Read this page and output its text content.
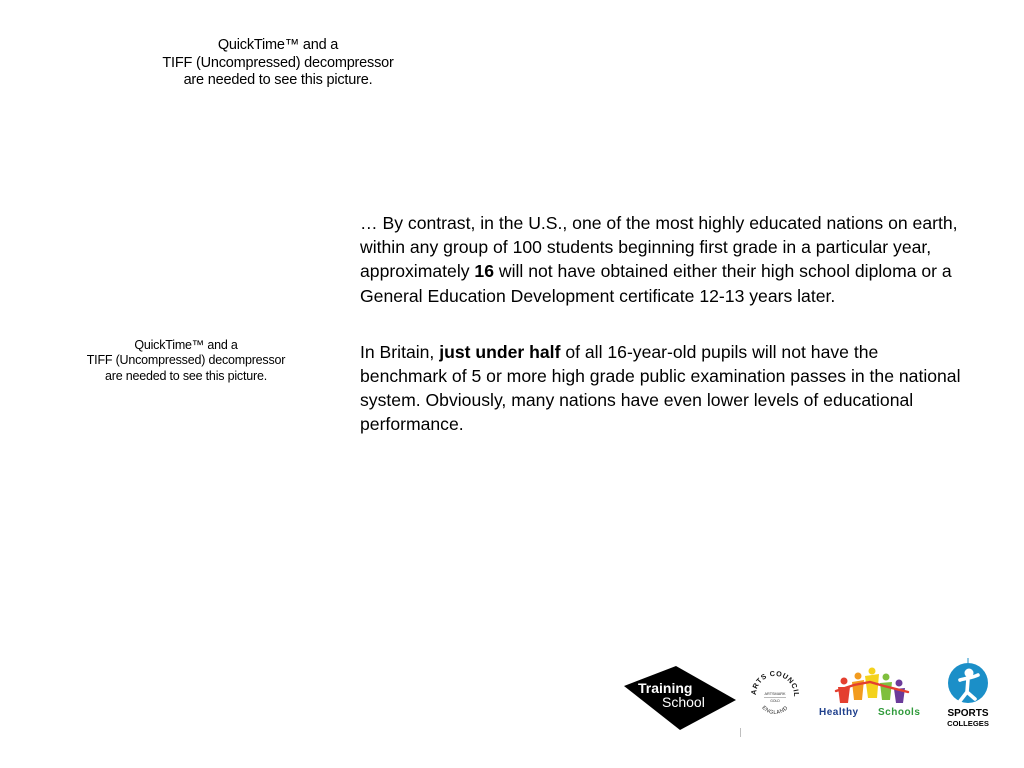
QuickTime™ and a
TIFF (Uncompressed) decompressor
are needed to see this picture.
QuickTime™ and a
TIFF (Uncompressed) decompressor
are needed to see this picture.

… By contrast, in the U.S., one of the most highly educated nations on earth, within any group of 100 students beginning first grade in a particular year, approximately 16 will not have obtained either their high school diploma or a General Education Development certificate 12-13 years later.

In Britain, just under half of all 16-year-old pupils will not have the benchmark of 5 or more high grade public examination passes in the national system. Obviously, many nations have even lower levels of educational performance.

Training
School
ARTS COUNCIL
ARTSMARK
GOLD
ENGLAND	Healthy Schools	SPORTS
COLLEGES
